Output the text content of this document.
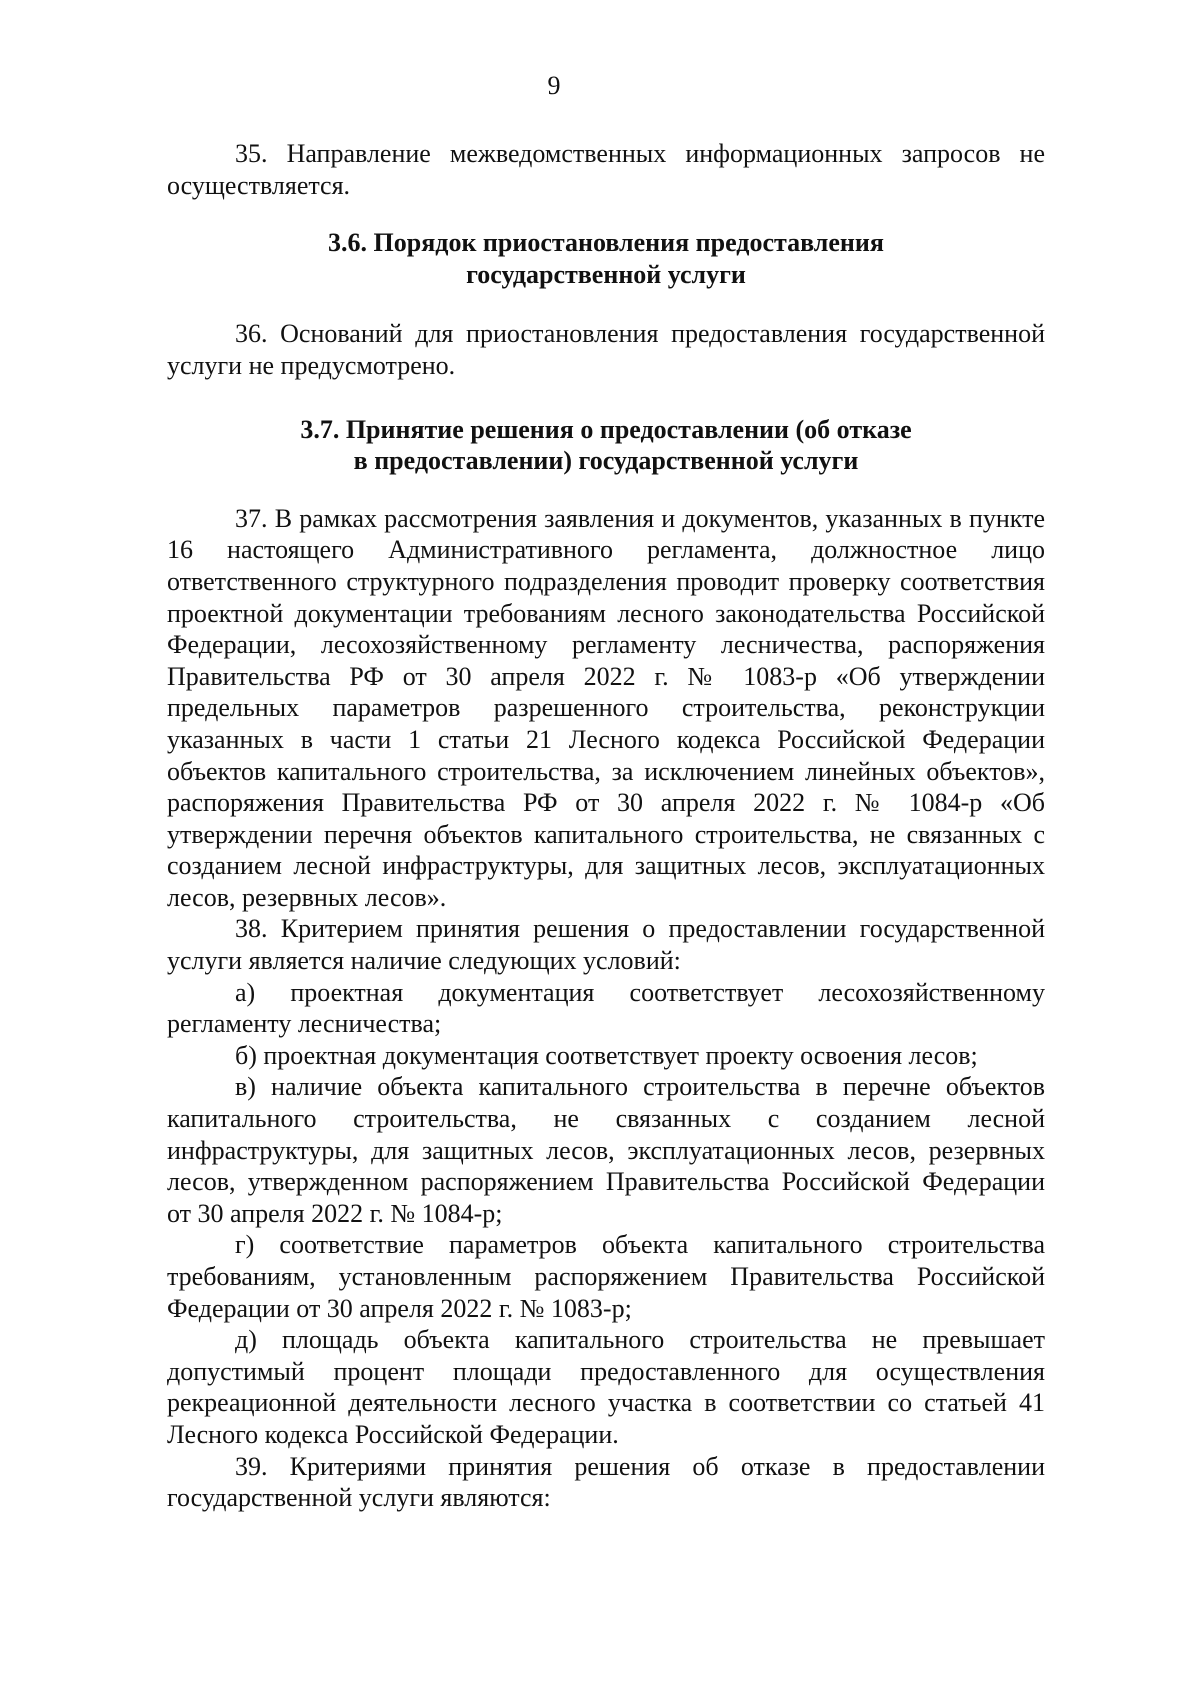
9

35. Направление межведомственных информационных запросов не осуществляется.

3.6. Порядок приостановления предоставления

государственной услуги

36. Оснований для приостановления предоставления государственной услуги не предусмотрено.

3.7. Принятие решения о предоставлении (об отказе

в предоставлении) государственной услуги

37. В рамках рассмотрения заявления и документов, указанных в пункте 16 настоящего Административного регламента, должностное лицо ответственного структурного подразделения проводит проверку соответствия проектной документации требованиям лесного законодательства Российской Федерации, лесохозяйственному регламенту лесничества, распоряжения Правительства РФ от 30 апреля 2022 г. № 1083-р «Об утверждении предельных параметров разрешенного строительства, реконструкции указанных в части 1 статьи 21 Лесного кодекса Российской Федерации объектов капитального строительства, за исключением линейных объектов», распоряжения Правительства РФ от 30 апреля 2022 г. № 1084-р «Об утверждении перечня объектов капитального строительства, не связанных с созданием лесной инфраструктуры, для защитных лесов, эксплуатационных лесов, резервных лесов».

38. Критерием принятия решения о предоставлении государственной услуги является наличие следующих условий:

а) проектная документация соответствует лесохозяйственному регламенту лесничества;

б) проектная документация соответствует проекту освоения лесов;

в) наличие объекта капитального строительства в перечне объектов капитального строительства, не связанных с созданием лесной инфраструктуры, для защитных лесов, эксплуатационных лесов, резервных лесов, утвержденном распоряжением Правительства Российской Федерации от 30 апреля 2022 г. № 1084-р;

г) соответствие параметров объекта капитального строительства требованиям, установленным распоряжением Правительства Российской Федерации от 30 апреля 2022 г. № 1083-р;

д) площадь объекта капитального строительства не превышает допустимый процент площади предоставленного для осуществления рекреационной деятельности лесного участка в соответствии со статьей 41 Лесного кодекса Российской Федерации.

39. Критериями принятия решения об отказе в предоставлении государственной услуги являются:
